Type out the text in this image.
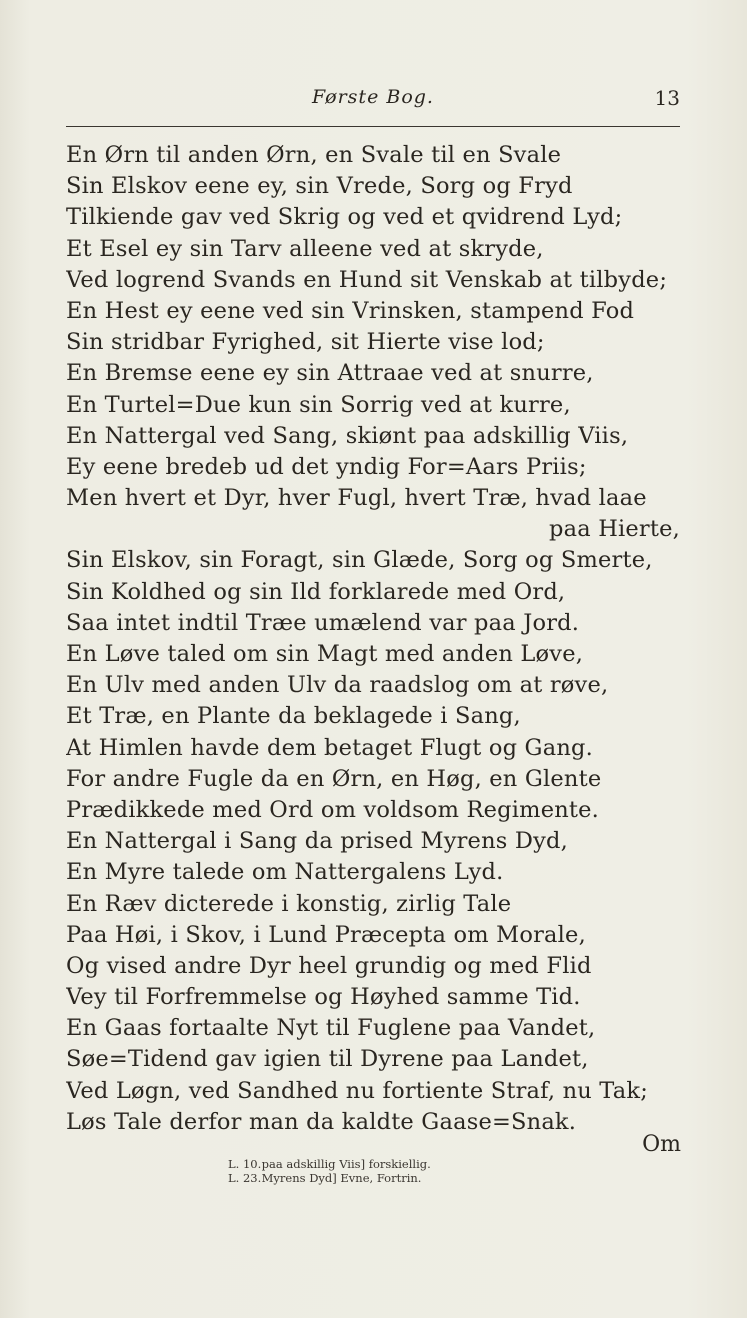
Første Bog.	13
En Ørn til anden Ørn, en Svale til en Svale
Sin Elskov eene ey, sin Vrede, Sorg og Fryd
Tilkiende gav ved Skrig og ved et qvidrend Lyd;
Et Esel ey sin Tarv alleene ved at skryde,
Ved logrend Svands en Hund sit Venskab at tilbyde;
En Hest ey eene ved sin Vrinsken, stampend Fod
Sin stridbar Fyrighed, sit Hierte vise lod;
En Bremse eene ey sin Attraae ved at snurre,
En Turtel=Due kun sin Sorrig ved at kurre,
En Nattergal ved Sang, skiønt paa adskillig Viis,
Ey eene bredeb ud det yndig For=Aars Priis;
Men hvert et Dyr, hver Fugl, hvert Træ, hvad laae
paa Hierte,
Sin Elskov, sin Foragt, sin Glæde, Sorg og Smerte,
Sin Koldhed og sin Ild forklarede med Ord,
Saa intet indtil Træe umælend var paa Jord.
En Løve taled om sin Magt med anden Løve,
En Ulv med anden Ulv da raadslog om at røve,
Et Træ, en Plante da beklagede i Sang,
At Himlen havde dem betaget Flugt og Gang.
For andre Fugle da en Ørn, en Høg, en Glente
Prædikkede med Ord om voldsom Regimente.
En Nattergal i Sang da prised Myrens Dyd,
En Myre talede om Nattergalens Lyd.
En Ræv dicterede i konstig, zirlig Tale
Paa Høi, i Skov, i Lund Præcepta om Morale,
Og vised andre Dyr heel grundig og med Flid
Vey til Forfremmelse og Høyhed samme Tid.
En Gaas fortaalte Nyt til Fuglene paa Vandet,
Søe=Tidend gav igien til Dyrene paa Landet,
Ved Løgn, ved Sandhed nu fortiente Straf, nu Tak;
Løs Tale derfor man da kaldte Gaase=Snak.
Om
L. 10. paa adskillig Viis] forskiellig.
L. 23. Myrens Dyd] Evne, Fortrin.
